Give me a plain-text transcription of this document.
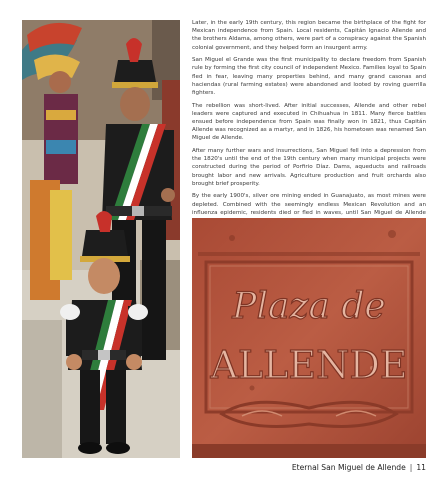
Later, in the early 19th century, this region became the birthplace of the fight for Mexican independence from Spain. Local residents, Capitán Ignacio Allende and the brothers Aldama, among others, were part of a conspiracy against the Spanish colonial government, and they helped form an insurgent army.

San Miguel el Grande was the first municipality to declare freedom from Spanish rule by forming the first city council of independent Mexico. Families loyal to Spain fled in fear, leaving many properties behind, and many grand casonas and haciendas (rural farming estates) were abandoned and looted by roving guerrilla fighters.

The rebellion was short-lived. After initial successes, Allende and other rebel leaders were captured and executed in Chihuahua in 1811. Many fierce battles ensued before independence from Spain was finally won in 1821, thus Capitán Allende was recognized as a martyr, and in 1826, his hometown was renamed San Miguel de Allende.

After many further wars and insurrections, San Miguel fell into a depression from the 1820's until the end of the 19th century when many municipal projects were constructed during the period of Porfirio Díaz. Dams, aqueducts and railroads brought labor and new arrivals. Agriculture production and fruit orchards also brought brief prosperity.

By the early 1900's, silver ore mining ended in Guanajuato, as most mines were depleted. Combined with the seemingly endless Mexican Revolution and an influenza epidemic, residents died or fled in waves, until San Miguel de Allende

Plaza de
ALLENDE
Eternal San Miguel de Allende | 11
